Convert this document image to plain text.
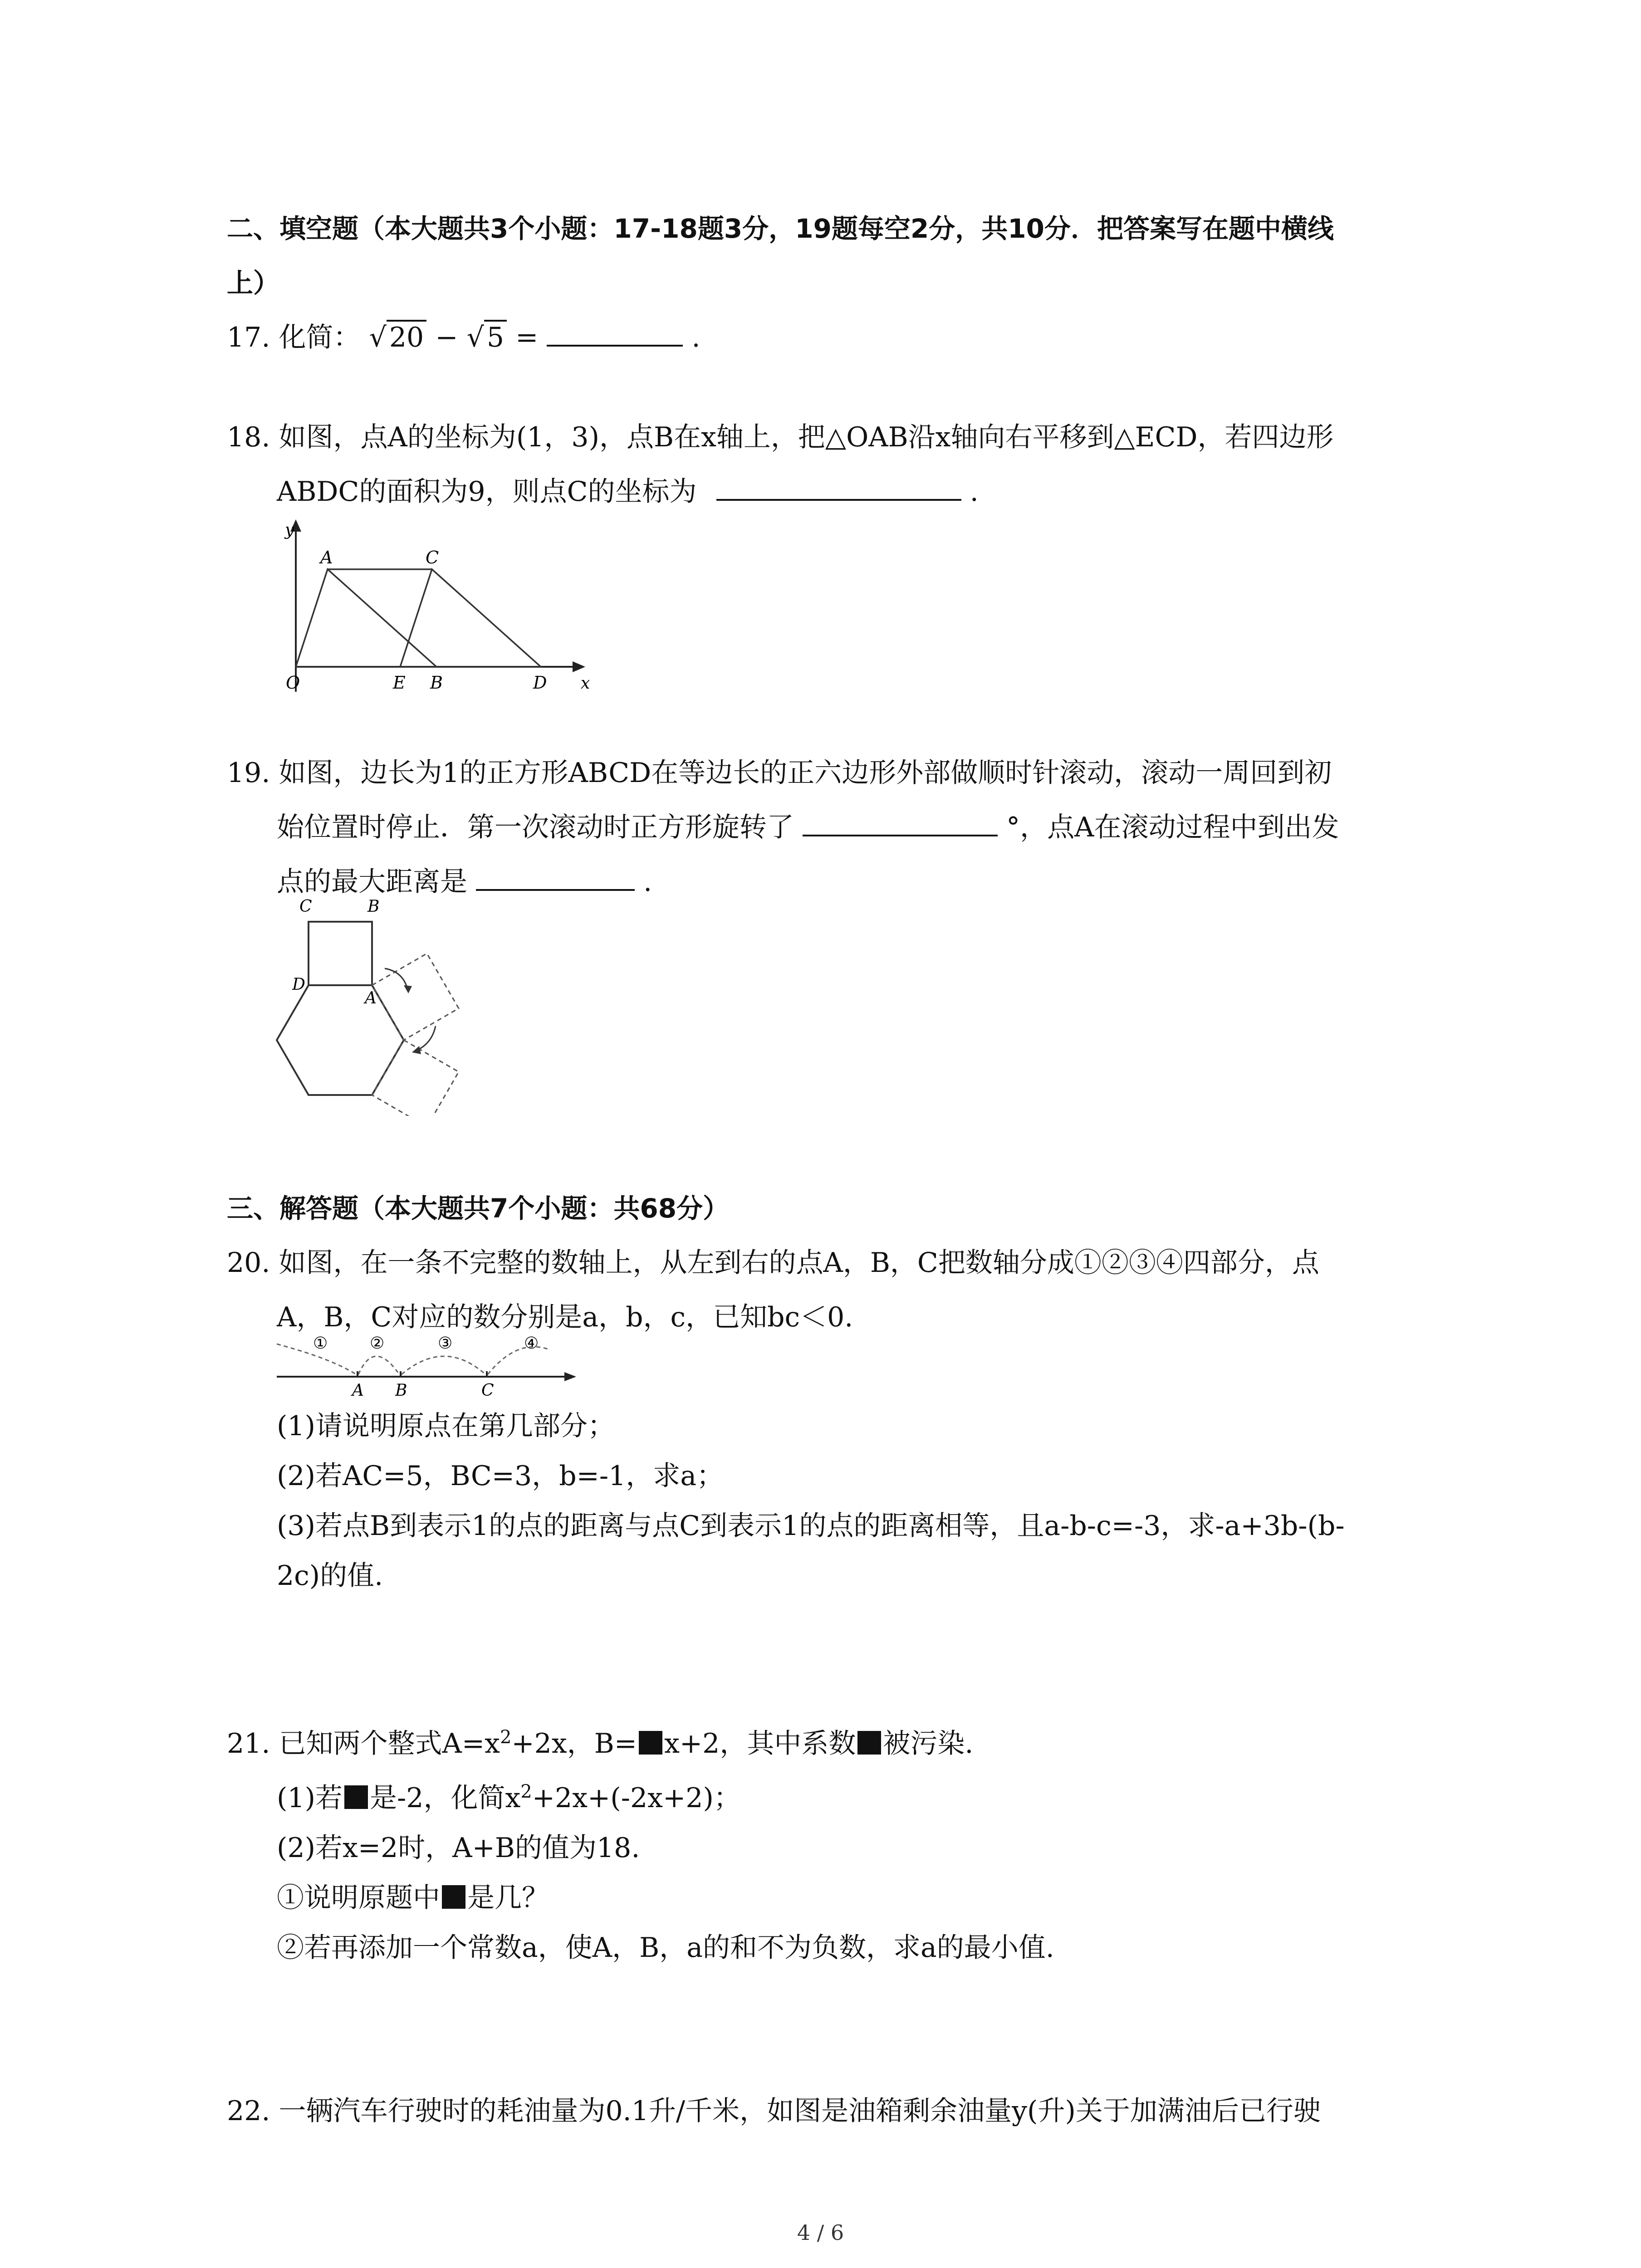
二、填空题（本大题共3个小题：17-18题3分，19题每空2分，共10分．把答案写在题中横线
上）
17. 化简： √ 20 − √ 5 =	.
18. 如图，点A的坐标为(1，3)，点B在x轴上，把△OAB沿x轴向右平移到△ECD，若四边形
ABDC的面积为9，则点C的坐标为	.
y
x
A	C
O	E B	D
19. 如图，边长为1的正方形ABCD在等边长的正六边形外部做顺时针滚动，滚动一周回到初
始位置时停止．第一次滚动时正方形旋转了	°，点A在滚动过程中到出发
点的最大距离是	.
C	B
D
A
三、解答题（本大题共7个小题：共68分）
20. 如图，在一条不完整的数轴上，从左到右的点A，B，C把数轴分成①②③④四部分，点
A，B，C对应的数分别是a，b，c，已知bc＜0.
①	②	③	④
A B	C
(1)请说明原点在第几部分；
(2)若AC=5，BC=3，b=-1，求a；
(3)若点B到表示1的点的距离与点C到表示1的点的距离相等，且a-b-c=-3，求-a+3b-(b-
2c)的值.
21. 已知两个整式$A=x^2+2x$，B= x+2，其中系数 被污染.
(1)若 是-2，化简$x^2+2x+(-2x+2)$；
(2)若x=2时，A+B的值为18.
①说明原题中 是几？
②若再添加一个常数a，使A，B，a的和不为负数，求a的最小值.
22. 一辆汽车行驶时的耗油量为0.1升/千米，如图是油箱剩余油量y(升)关于加满油后已行驶
4 / 6
